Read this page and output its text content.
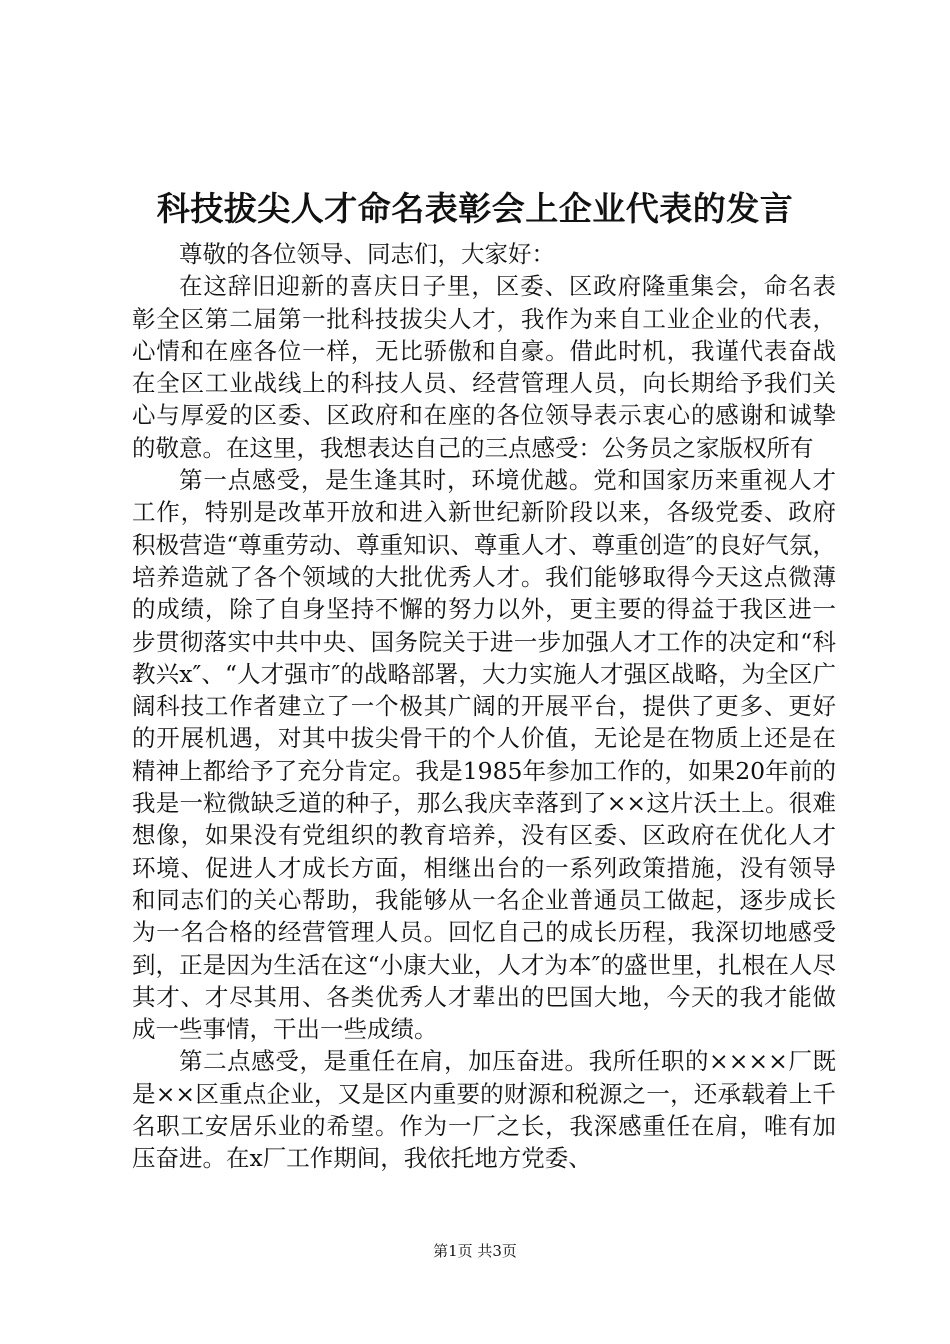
科技拔尖人才命名表彰会上企业代表的发言

尊敬的各位领导、同志们，大家好：

在这辞旧迎新的喜庆日子里，区委、区政府隆重集会，命名表彰全区第二届第一批科技拔尖人才，我作为来自工业企业的代表，心情和在座各位一样，无比骄傲和自豪。借此时机，我谨代表奋战在全区工业战线上的科技人员、经营管理人员，向长期给予我们关心与厚爱的区委、区政府和在座的各位领导表示衷心的感谢和诚挚的敬意。在这里，我想表达自己的三点感受：公务员之家版权所有

第一点感受，是生逢其时，环境优越。党和国家历来重视人才工作，特别是改革开放和进入新世纪新阶段以来，各级党委、政府积极营造“尊重劳动、尊重知识、尊重人才、尊重创造″的良好气氛，培养造就了各个领域的大批优秀人才。我们能够取得今天这点微薄的成绩，除了自身坚持不懈的努力以外，更主要的得益于我区进一步贯彻落实中共中央、国务院关于进一步加强人才工作的决定和“科教兴x″、“人才强市″的战略部署，大力实施人才强区战略，为全区广阔科技工作者建立了一个极其广阔的开展平台，提供了更多、更好的开展机遇，对其中拔尖骨干的个人价值，无论是在物质上还是在精神上都给予了充分肯定。我是1985年参加工作的，如果20年前的我是一粒微缺乏道的种子，那么我庆幸落到了××这片沃土上。很难想像，如果没有党组织的教育培养，没有区委、区政府在优化人才环境、促进人才成长方面，相继出台的一系列政策措施，没有领导和同志们的关心帮助，我能够从一名企业普通员工做起，逐步成长为一名合格的经营管理人员。回忆自己的成长历程，我深切地感受到，正是因为生活在这“小康大业，人才为本″的盛世里，扎根在人尽其才、才尽其用、各类优秀人才辈出的巴国大地，今天的我才能做成一些事情，干出一些成绩。

第二点感受，是重任在肩，加压奋进。我所任职的××××厂既是××区重点企业，又是区内重要的财源和税源之一，还承载着上千名职工安居乐业的希望。作为一厂之长，我深感重任在肩，唯有加压奋进。在x厂工作期间，我依托地方党委、

第1页 共3页
